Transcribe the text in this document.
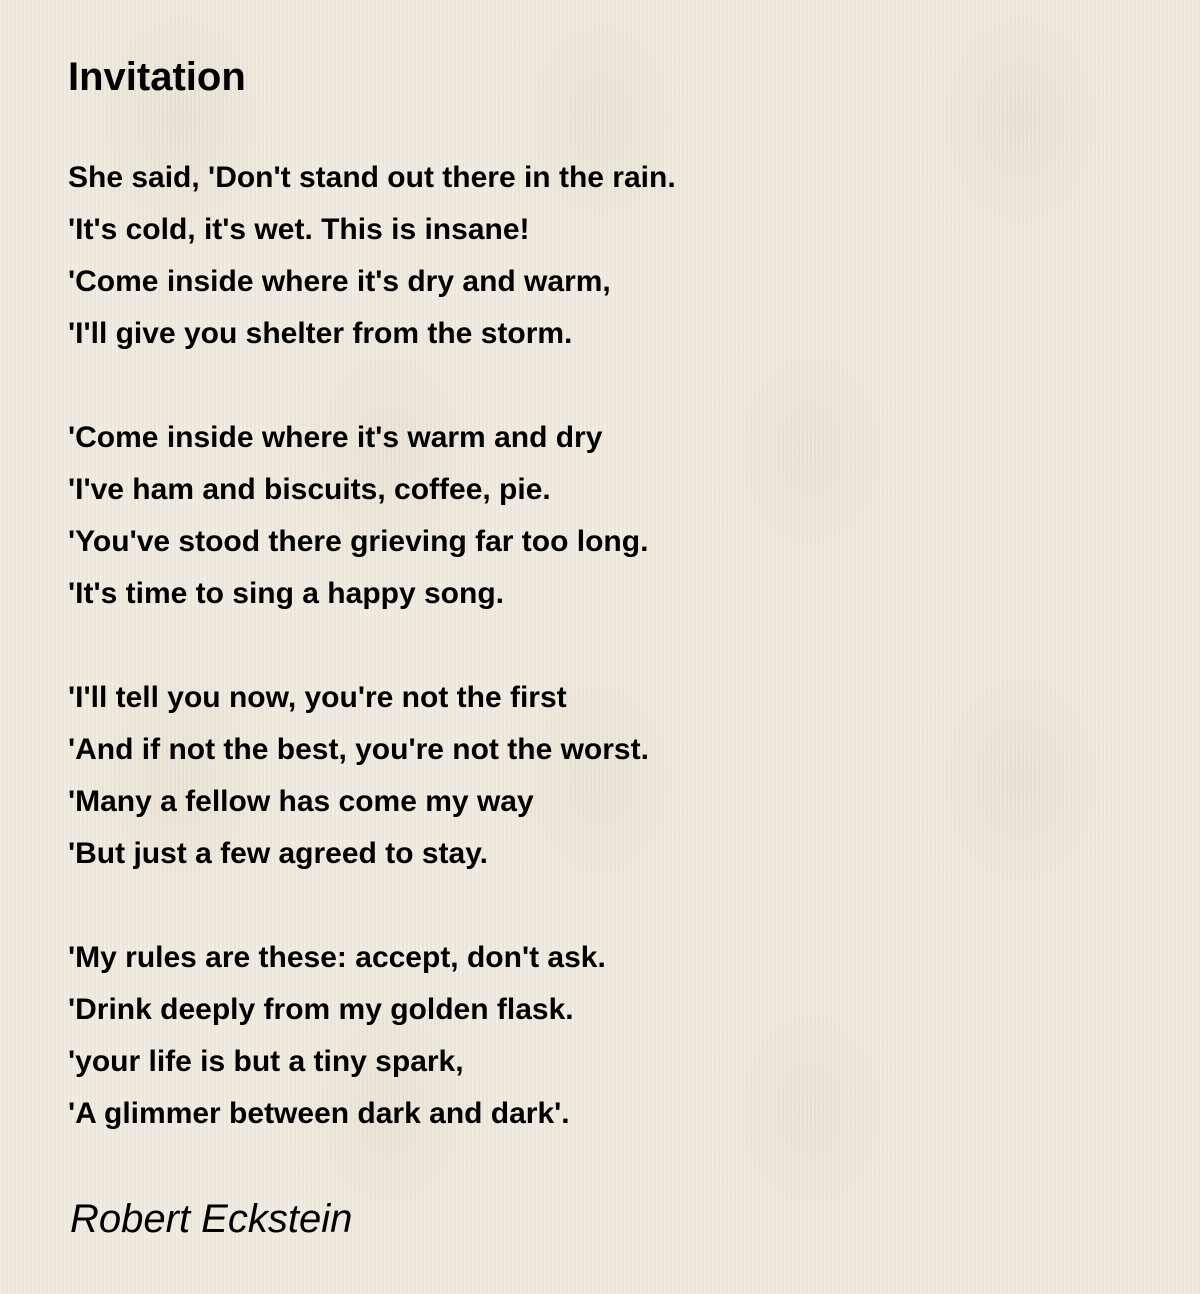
Invitation
She said, 'Don't stand out there in the rain.
'It's cold, it's wet. This is insane!
'Come inside where it's dry and warm,
'I'll give you shelter from the storm.
'Come inside where it's warm and dry
'I've ham and biscuits, coffee, pie.
'You've stood there grieving far too long.
'It's time to sing a happy song.
'I'll tell you now, you're not the first
'And if not the best, you're not the worst.
'Many a fellow has come my way
'But just a few agreed to stay.
'My rules are these: accept, don't ask.
'Drink deeply from my golden flask.
'your life is but a tiny spark,
'A glimmer between dark and dark'.
Robert Eckstein
